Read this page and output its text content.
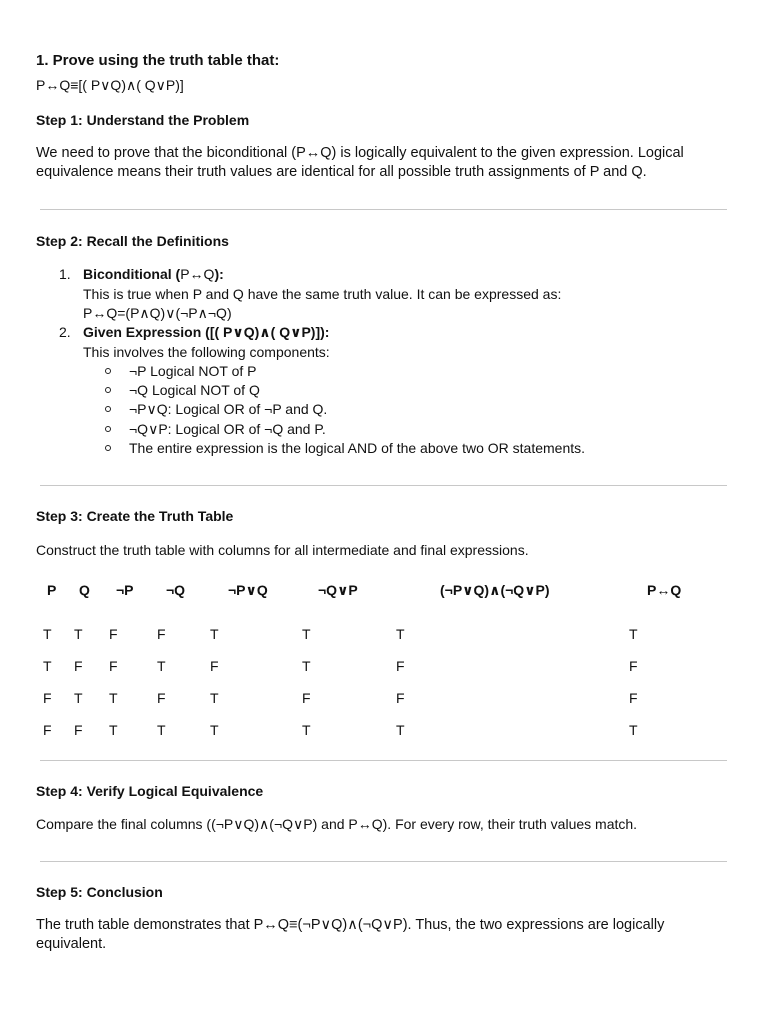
1. Prove using the truth table that:
P↔Q≡[( P∨Q)∧( Q∨P)]
Step 1: Understand the Problem
We need to prove that the biconditional (P↔Q) is logically equivalent to the given expression. Logical equivalence means their truth values are identical for all possible truth assignments of P and Q.
Step 2: Recall the Definitions
1. Biconditional (P↔Q):
This is true when P and Q have the same truth value. It can be expressed as:
P↔Q=(P∧Q)∨(¬P∧¬Q)
2. Given Expression ([( P∨Q)∧( Q∨P)]):
This involves the following components:
¬P Logical NOT of P
¬Q Logical NOT of Q
¬P∨Q: Logical OR of ¬P and Q.
¬Q∨P: Logical OR of ¬Q and P.
The entire expression is the logical AND of the above two OR statements.
Step 3: Create the Truth Table
Construct the truth table with columns for all intermediate and final expressions.
P Q ¬P ¬Q	¬P∨Q	¬Q∨P	(¬P∨Q)∧(¬Q∨P)	P↔Q
T T F	F	T	T	T	T
T F F	T	F	T	F	F
F T T	F	T	F	F	F
F F T	T	T	T	T	T
Step 4: Verify Logical Equivalence
Compare the final columns ((¬P∨Q)∧(¬Q∨P) and P↔Q). For every row, their truth values match.
Step 5: Conclusion
The truth table demonstrates that P↔Q≡(¬P∨Q)∧(¬Q∨P). Thus, the two expressions are logically equivalent.
